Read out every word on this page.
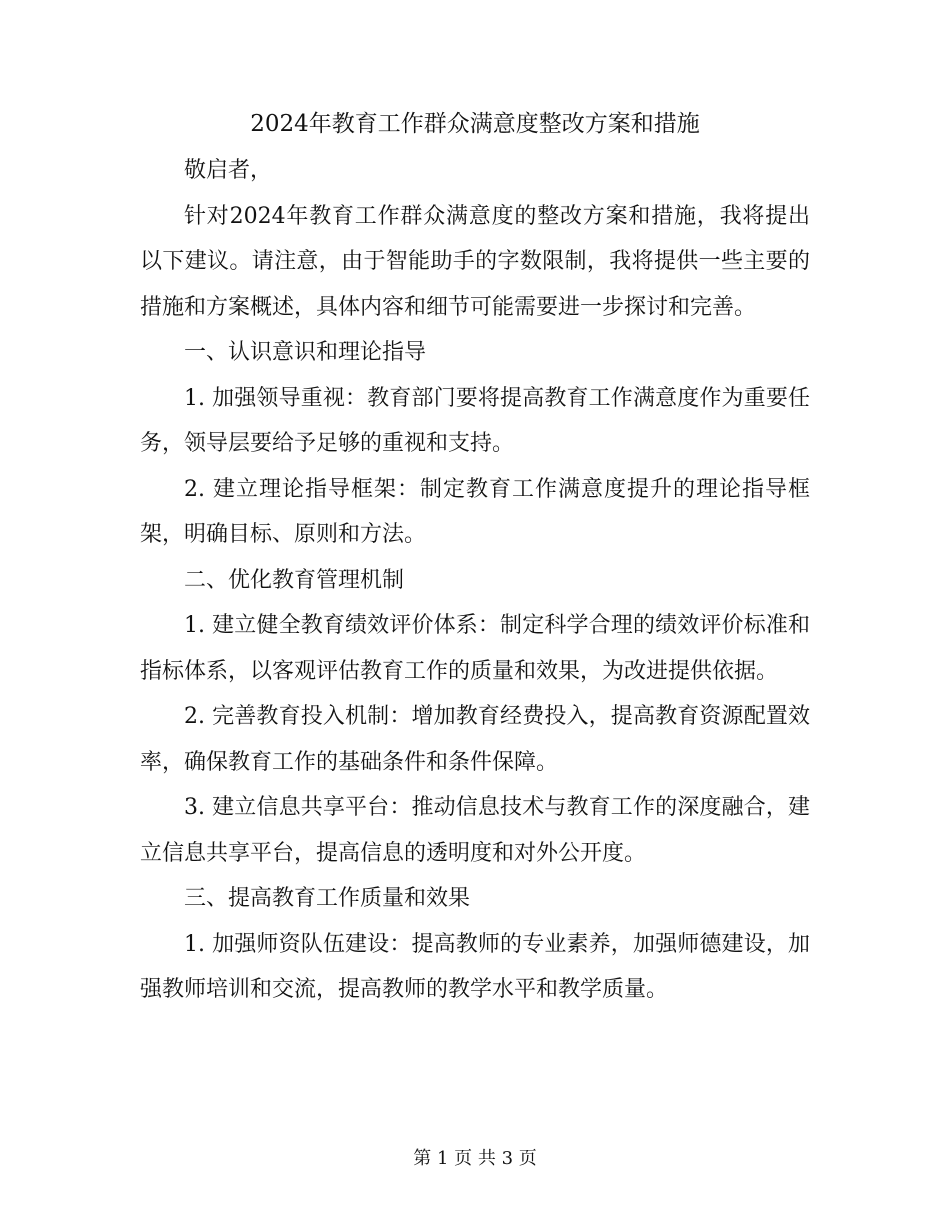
2024年教育工作群众满意度整改方案和措施

敬启者，

针对2024年教育工作群众满意度的整改方案和措施，我将提出以下建议。请注意，由于智能助手的字数限制，我将提供一些主要的措施和方案概述，具体内容和细节可能需要进一步探讨和完善。

一、认识意识和理论指导

1. 加强领导重视：教育部门要将提高教育工作满意度作为重要任务，领导层要给予足够的重视和支持。

2. 建立理论指导框架：制定教育工作满意度提升的理论指导框架，明确目标、原则和方法。

二、优化教育管理机制

1. 建立健全教育绩效评价体系：制定科学合理的绩效评价标准和指标体系，以客观评估教育工作的质量和效果，为改进提供依据。

2. 完善教育投入机制：增加教育经费投入，提高教育资源配置效率，确保教育工作的基础条件和条件保障。

3. 建立信息共享平台：推动信息技术与教育工作的深度融合，建立信息共享平台，提高信息的透明度和对外公开度。

三、提高教育工作质量和效果

1. 加强师资队伍建设：提高教师的专业素养，加强师德建设，加强教师培训和交流，提高教师的教学水平和教学质量。

第 1 页 共 3 页
